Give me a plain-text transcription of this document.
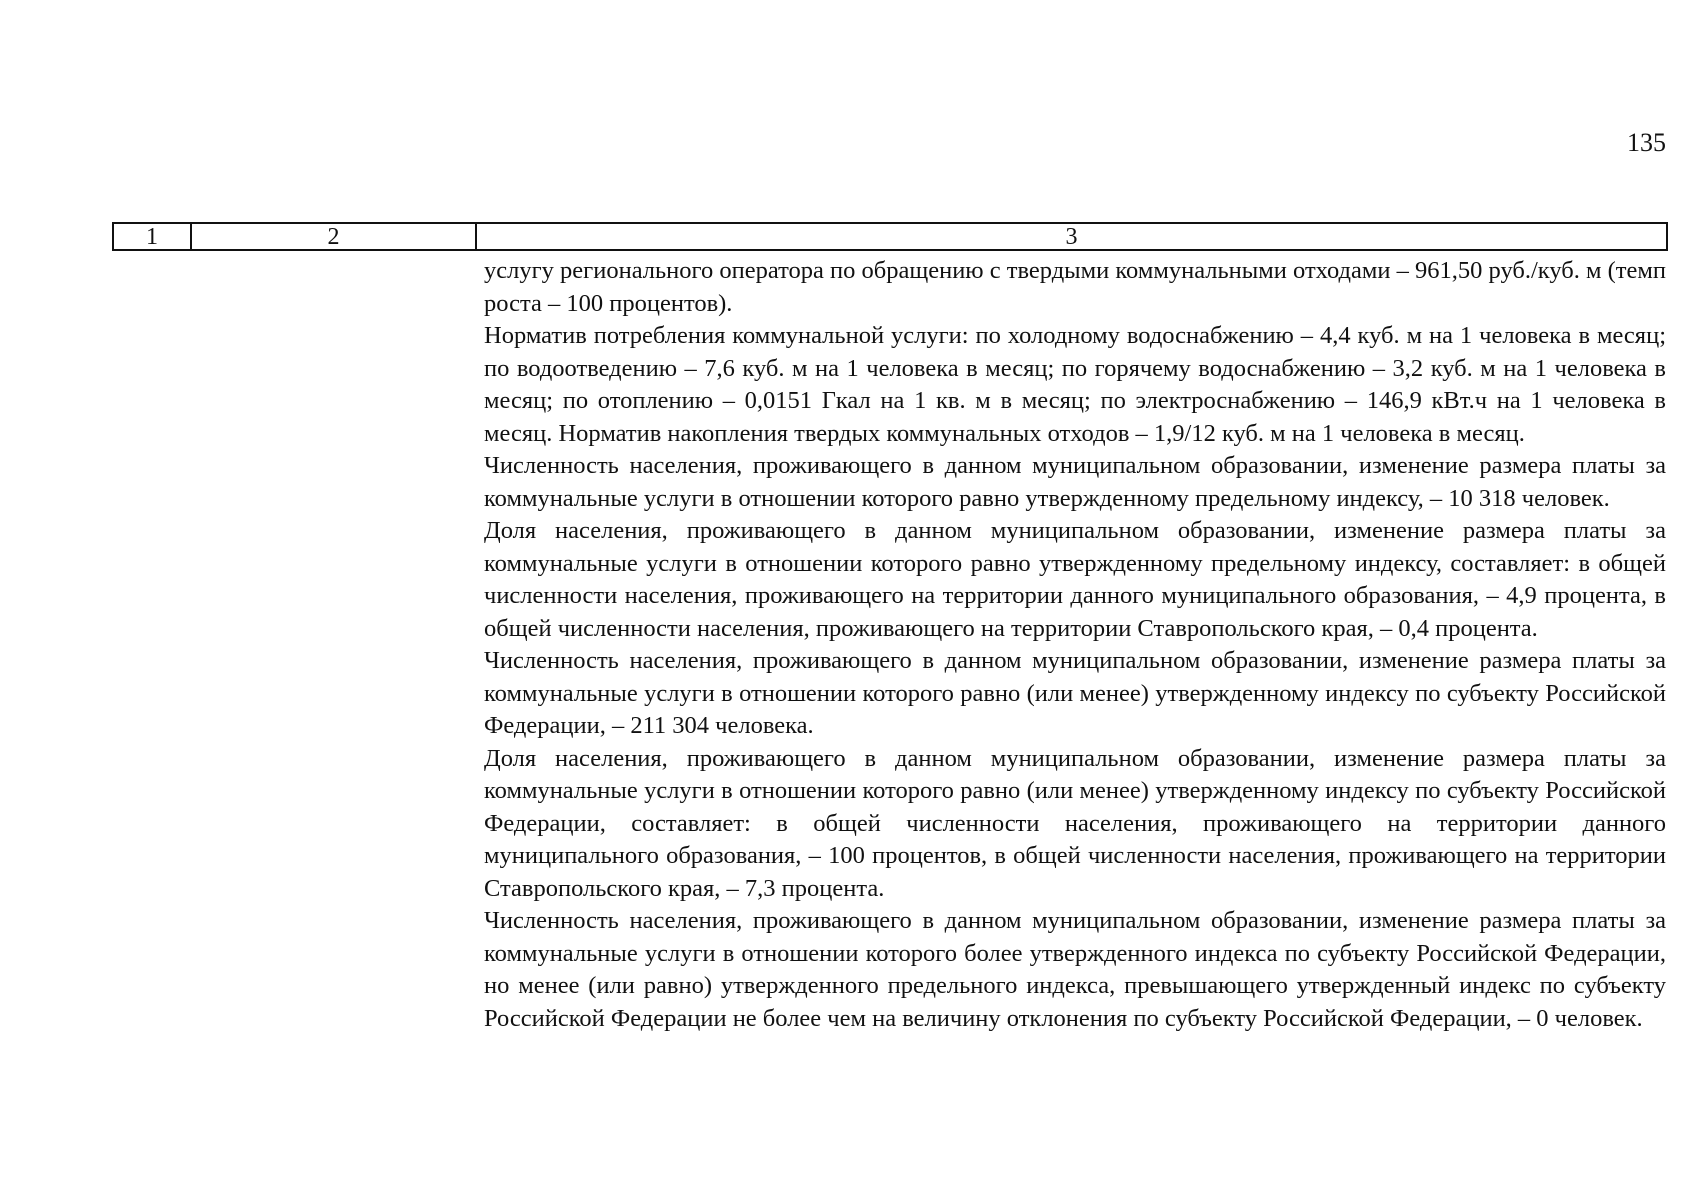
135
1	2	3

услугу регионального оператора по обращению с твердыми коммунальными отходами – 961,50 руб./куб. м (темп роста – 100 процентов).

Норматив потребления коммунальной услуги: по холодному водоснабжению – 4,4 куб. м на 1 человека в месяц; по водоотведению – 7,6 куб. м на 1 человека в месяц; по горячему водоснабжению – 3,2 куб. м на 1 человека в месяц; по отоплению – 0,0151 Гкал на 1 кв. м в месяц; по электроснабжению – 146,9 кВт.ч на 1 человека в месяц. Норматив накопления твердых коммунальных отходов – 1,9/12 куб. м на 1 человека в месяц.

Численность населения, проживающего в данном муниципальном образовании, изменение размера платы за коммунальные услуги в отношении которого равно утвержденному предельному индексу, – 10 318 человек.

Доля населения, проживающего в данном муниципальном образовании, изменение размера платы за коммунальные услуги в отношении которого равно утвержденному предельному индексу, составляет: в общей численности населения, проживающего на территории данного муниципального образования, – 4,9 процента, в общей численности населения, проживающего на территории Ставропольского края, – 0,4 процента.

Численность населения, проживающего в данном муниципальном образовании, изменение размера платы за коммунальные услуги в отношении которого равно (или менее) утвержденному индексу по субъекту Российской Федерации, – 211 304 человека.

Доля населения, проживающего в данном муниципальном образовании, изменение размера платы за коммунальные услуги в отношении которого равно (или менее) утвержденному индексу по субъекту Российской Федерации, составляет: в общей численности населения, проживающего на территории данного муниципального образования, – 100 процентов, в общей численности населения, проживающего на территории Ставропольского края, – 7,3 процента.

Численность населения, проживающего в данном муниципальном образовании, изменение размера платы за коммунальные услуги в отношении которого более утвержденного индекса по субъекту Российской Федерации, но менее (или равно) утвержденного предельного индекса, превышающего утвержденный индекс по субъекту Российской Федерации не более чем на величину отклонения по субъекту Российской Федерации, – 0 человек.
